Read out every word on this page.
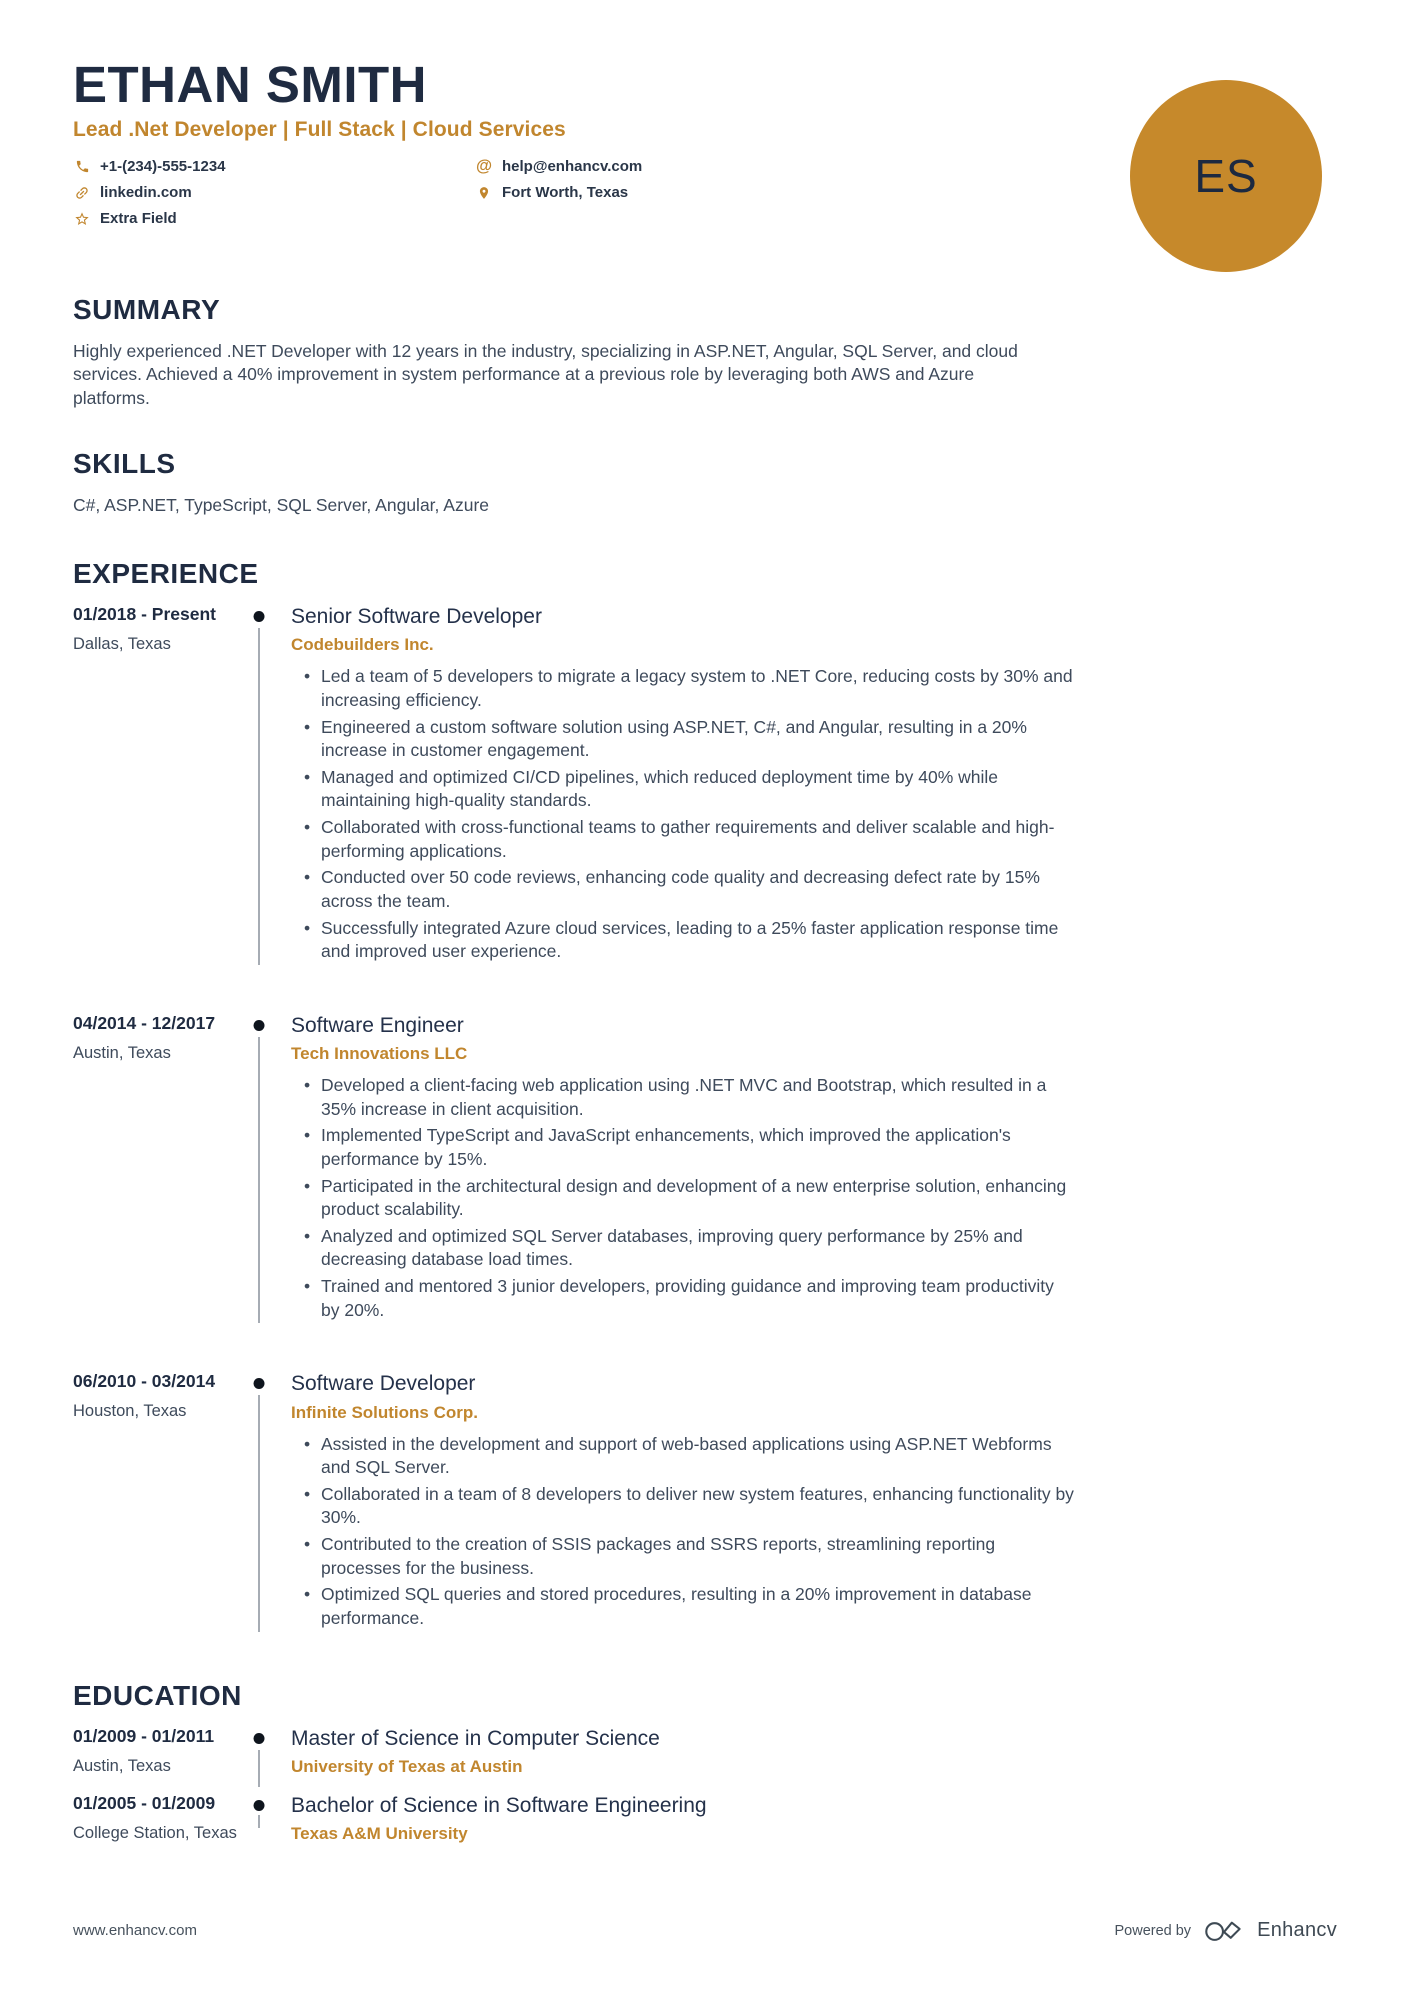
ETHAN SMITH
Lead .Net Developer | Full Stack | Cloud Services
+1-(234)-555-1234
linkedin.com
Extra Field
@ help@enhancv.com
Fort Worth, Texas	ES
SUMMARY

Highly experienced .NET Developer with 12 years in the industry, specializing in ASP.NET, Angular, SQL Server, and cloud services. Achieved a 40% improvement in system performance at a previous role by leveraging both AWS and Azure platforms.

SKILLS

C#, ASP.NET, TypeScript, SQL Server, Angular, Azure

EXPERIENCE
01/2018 - Present
Dallas, Texas
Senior Software Developer
Codebuilders Inc.
• Led a team of 5 developers to migrate a legacy system to .NET Core, reducing costs by 30% and increasing efficiency.
• Engineered a custom software solution using ASP.NET, C#, and Angular, resulting in a 20% increase in customer engagement.
• Managed and optimized CI/CD pipelines, which reduced deployment time by 40% while maintaining high-quality standards.
• Collaborated with cross-functional teams to gather requirements and deliver scalable and high-performing applications.
• Conducted over 50 code reviews, enhancing code quality and decreasing defect rate by 15% across the team.
• Successfully integrated Azure cloud services, leading to a 25% faster application response time and improved user experience.
04/2014 - 12/2017
Austin, Texas
Software Engineer
Tech Innovations LLC
• Developed a client-facing web application using .NET MVC and Bootstrap, which resulted in a 35% increase in client acquisition.
• Implemented TypeScript and JavaScript enhancements, which improved the application's performance by 15%.
• Participated in the architectural design and development of a new enterprise solution, enhancing product scalability.
• Analyzed and optimized SQL Server databases, improving query performance by 25% and decreasing database load times.
• Trained and mentored 3 junior developers, providing guidance and improving team productivity by 20%.
06/2010 - 03/2014
Houston, Texas
Software Developer
Infinite Solutions Corp.
• Assisted in the development and support of web-based applications using ASP.NET Webforms and SQL Server.
• Collaborated in a team of 8 developers to deliver new system features, enhancing functionality by 30%.
• Contributed to the creation of SSIS packages and SSRS reports, streamlining reporting processes for the business.
• Optimized SQL queries and stored procedures, resulting in a 20% improvement in database performance.
EDUCATION
01/2009 - 01/2011
Austin, Texas
Master of Science in Computer Science
University of Texas at Austin
01/2005 - 01/2009
College Station, Texas
Bachelor of Science in Software Engineering
Texas A&M University
www.enhancv.com	Powered by	Enhancv
